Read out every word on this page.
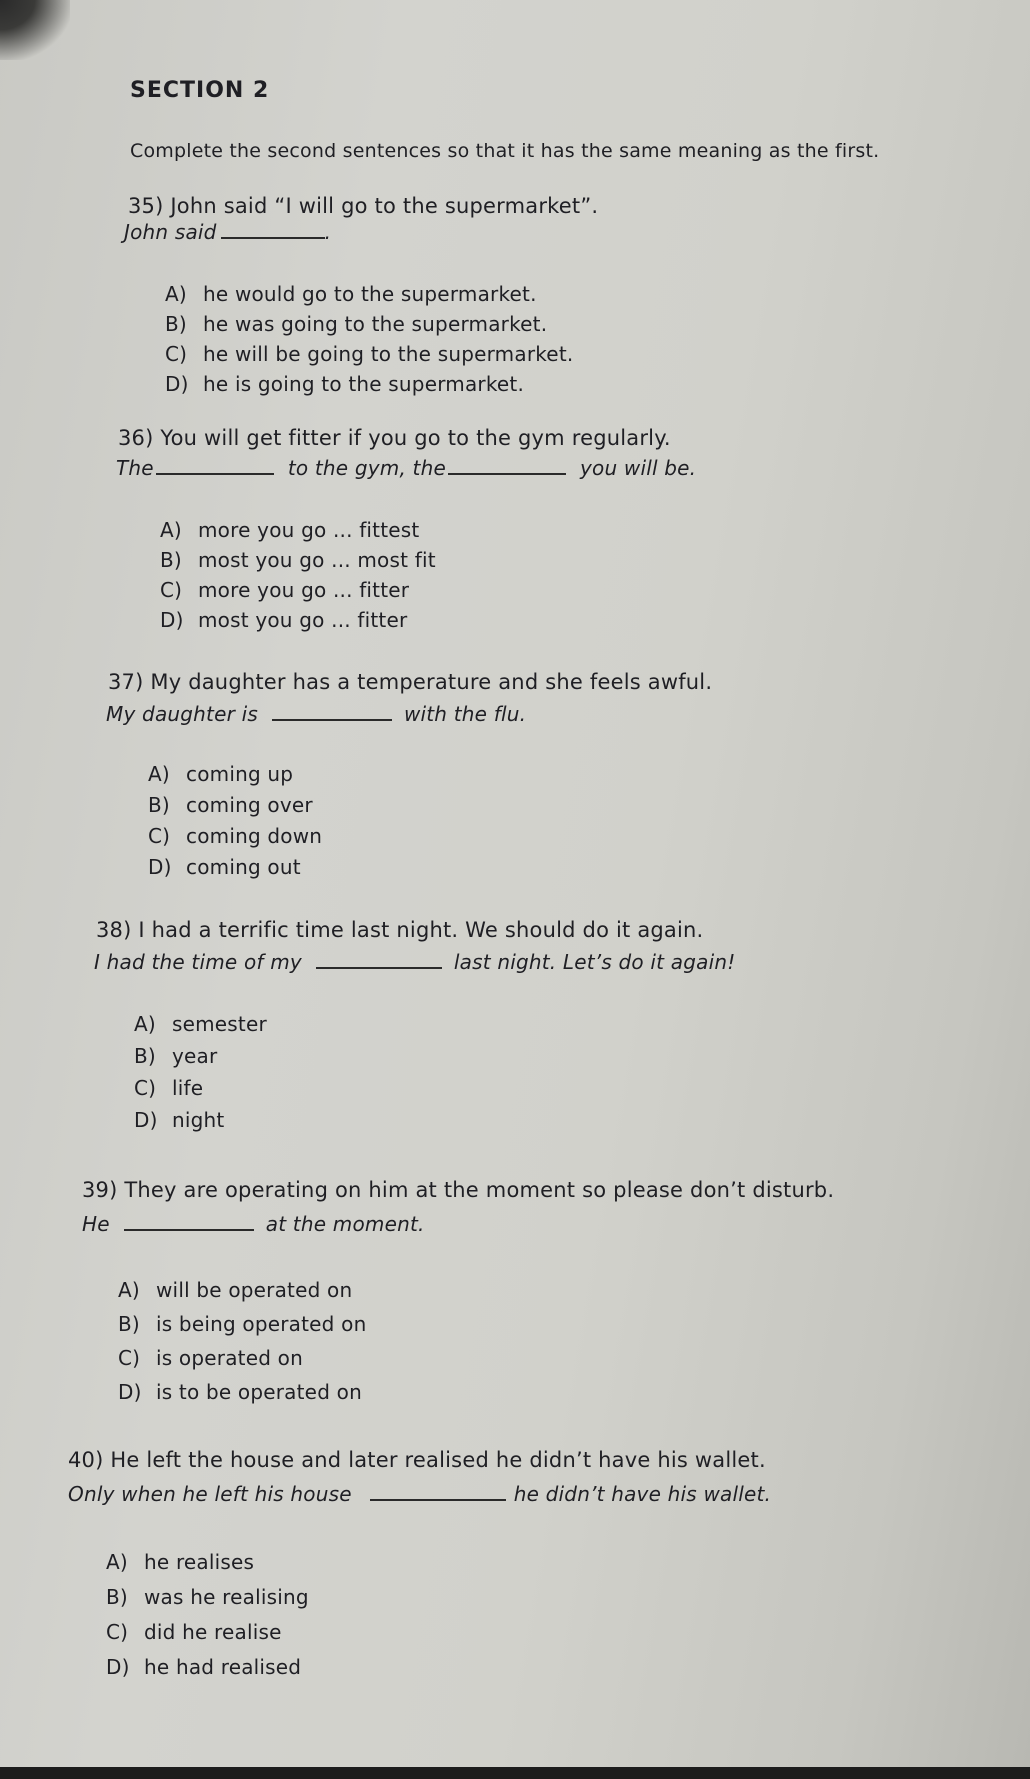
SECTION 2
Complete the second sentences so that it has the same meaning as the first.
35) John said “I will go to the supermarket”.
John said	.
A) he would go to the supermarket.
B) he was going to the supermarket.
C) he will be going to the supermarket.
D) he is going to the supermarket.
36) You will get fitter if you go to the gym regularly.
The	to the gym, the	you will be.
A) more you go ... fittest
B) most you go ... most fit
C) more you go ... fitter
D) most you go ... fitter
37) My daughter has a temperature and she feels awful.
My daughter is	with the flu.
A) coming up
B) coming over
C) coming down
D) coming out
38) I had a terrific time last night. We should do it again.
I had the time of my	last night. Let’s do it again!
A) semester
B) year
C) life
D) night
39) They are operating on him at the moment so please don’t disturb.
He	at the moment.
A) will be operated on
B) is being operated on
C) is operated on
D) is to be operated on
40) He left the house and later realised he didn’t have his wallet.
Only when he left his house	he didn’t have his wallet.
A) he realises
B) was he realising
C) did he realise
D) he had realised
